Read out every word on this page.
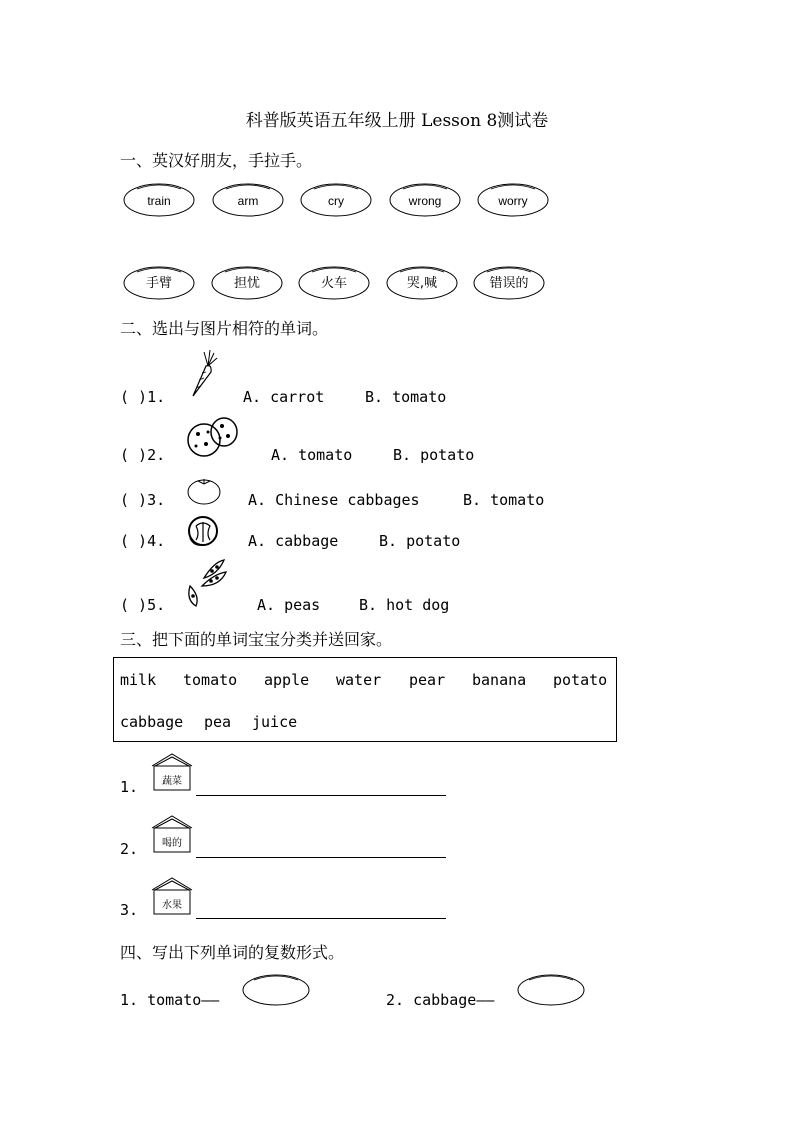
科普版英语五年级上册 Lesson 8测试卷
一、英汉好朋友，手拉手。
train	arm	cry	wrong	worry
手臂	担忧	火车	哭,喊	错误的
二、选出与图片相符的单词。
( )1.	A. carrot	B. tomato
( )2.	A. tomato	B. potato
( )3.	A. Chinese cabbages	B. tomato
( )4.	A. cabbage	B. potato
( )5.	A. peas	B. hot dog
三、把下面的单词宝宝分类并送回家。
milk tomato apple water pear banana potato
cabbage pea juice
1.	蔬菜
2.	喝的
3.	水果
四、写出下列单词的复数形式。
1. tomato——	2. cabbage——
